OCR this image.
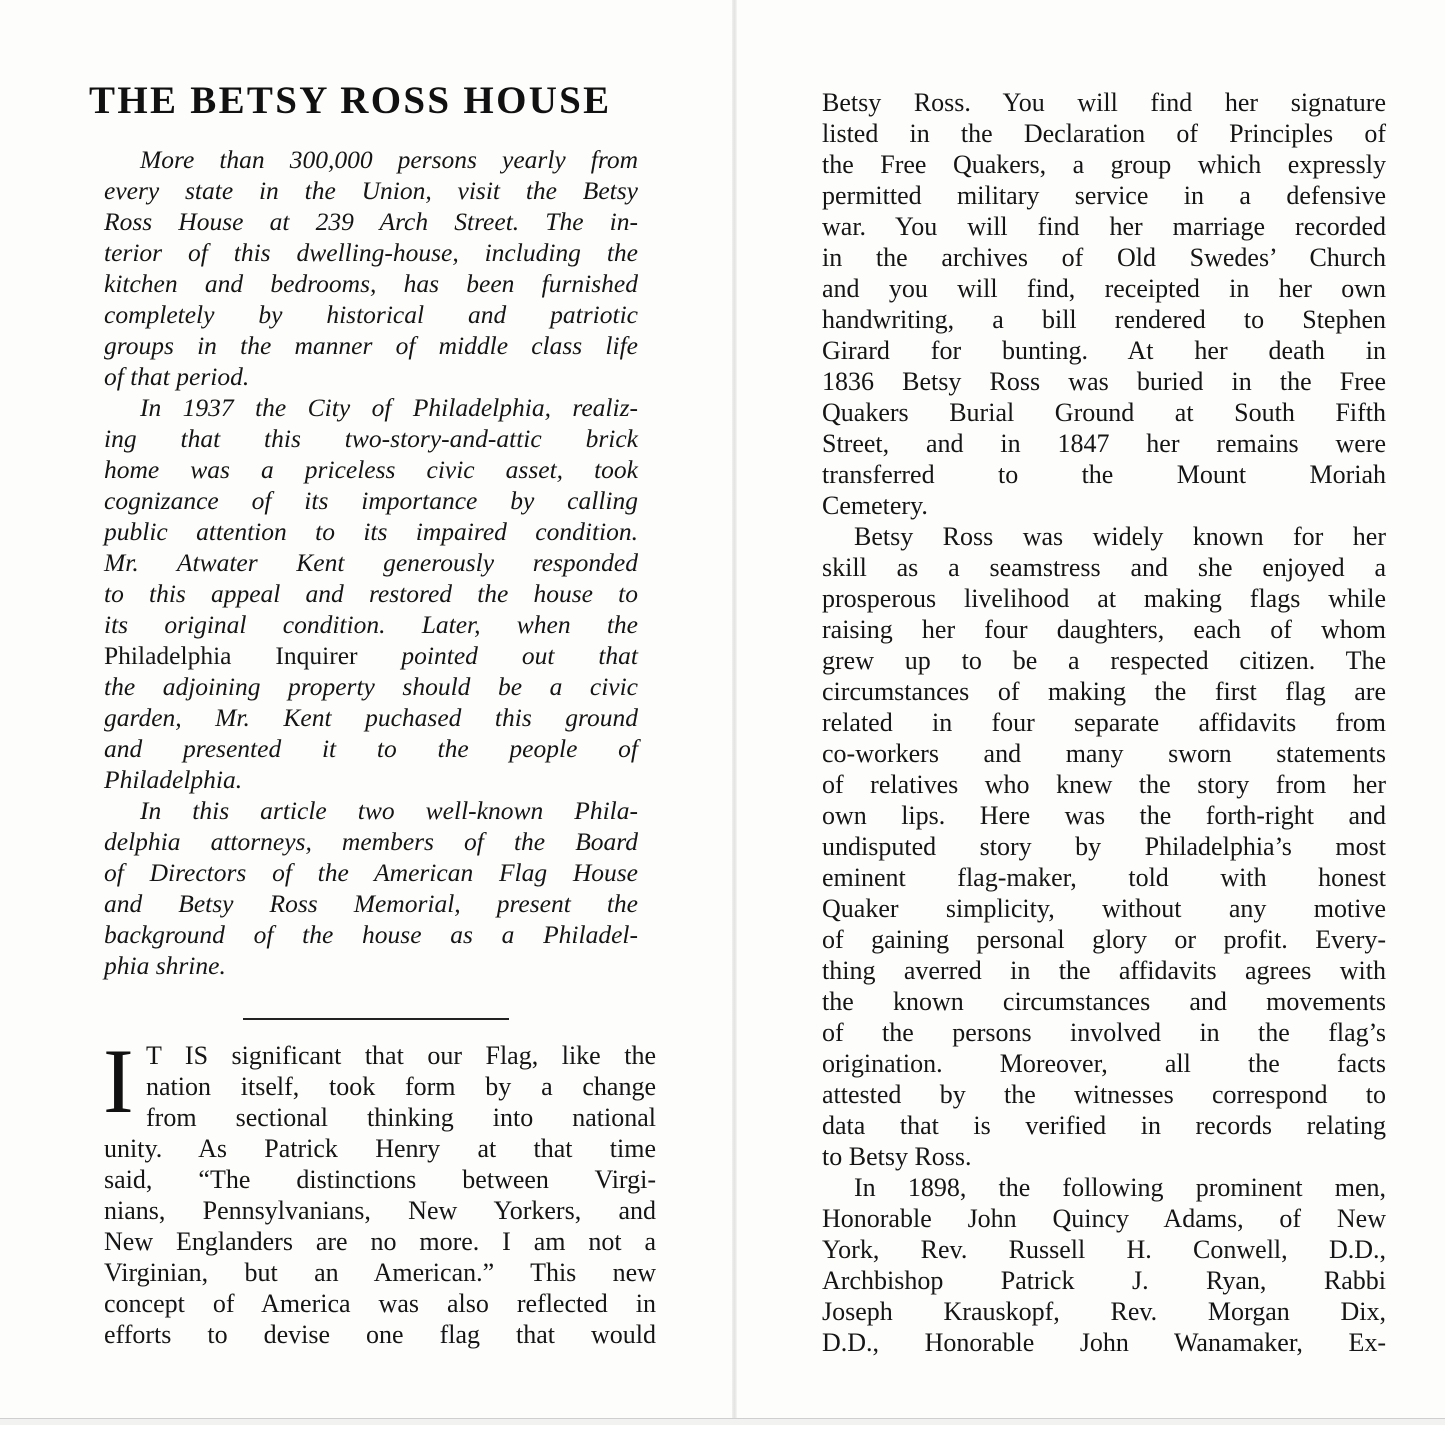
THE BETSY ROSS HOUSE
More than 300,000 persons yearly from
every state in the Union, visit the Betsy
Ross House at 239 Arch Street. The in-
terior of this dwelling-house, including the
kitchen and bedrooms, has been furnished
completely by historical and patriotic
groups in the manner of middle class life
of that period.
In 1937 the City of Philadelphia, realiz-
ing that this two-story-and-attic brick
home was a priceless civic asset, took
cognizance of its importance by calling
public attention to its impaired condition.
Mr. Atwater Kent generously responded
to this appeal and restored the house to
its original condition. Later, when the
Philadelphia Inquirer pointed out that
the adjoining property should be a civic
garden, Mr. Kent puchased this ground
and presented it to the people of
Philadelphia.
In this article two well-known Phila-
delphia attorneys, members of the Board
of Directors of the American Flag House
and Betsy Ross Memorial, present the
background of the house as a Philadel-
phia shrine.
I T IS significant that our Flag, like the
nation itself, took form by a change
from sectional thinking into national
unity. As Patrick Henry at that time
said, “The distinctions between Virgi-
nians, Pennsylvanians, New Yorkers, and
New Englanders are no more. I am not a
Virginian, but an American.” This new
concept of America was also reflected in
efforts to devise one flag that would
Betsy Ross. You will find her signature
listed in the Declaration of Principles of
the Free Quakers, a group which expressly
permitted military service in a defensive
war. You will find her marriage recorded
in the archives of Old Swedes’ Church
and you will find, receipted in her own
handwriting, a bill rendered to Stephen
Girard for bunting. At her death in
1836 Betsy Ross was buried in the Free
Quakers Burial Ground at South Fifth
Street, and in 1847 her remains were
transferred to the Mount Moriah
Cemetery.
Betsy Ross was widely known for her
skill as a seamstress and she enjoyed a
prosperous livelihood at making flags while
raising her four daughters, each of whom
grew up to be a respected citizen. The
circumstances of making the first flag are
related in four separate affidavits from
co-workers and many sworn statements
of relatives who knew the story from her
own lips. Here was the forth-right and
undisputed story by Philadelphia’s most
eminent flag-maker, told with honest
Quaker simplicity, without any motive
of gaining personal glory or profit. Every-
thing averred in the affidavits agrees with
the known circumstances and movements
of the persons involved in the flag’s
origination. Moreover, all the facts
attested by the witnesses correspond to
data that is verified in records relating
to Betsy Ross.
In 1898, the following prominent men,
Honorable John Quincy Adams, of New
York, Rev. Russell H. Conwell, D.D.,
Archbishop Patrick J. Ryan, Rabbi
Joseph Krauskopf, Rev. Morgan Dix,
D.D., Honorable John Wanamaker, Ex-
